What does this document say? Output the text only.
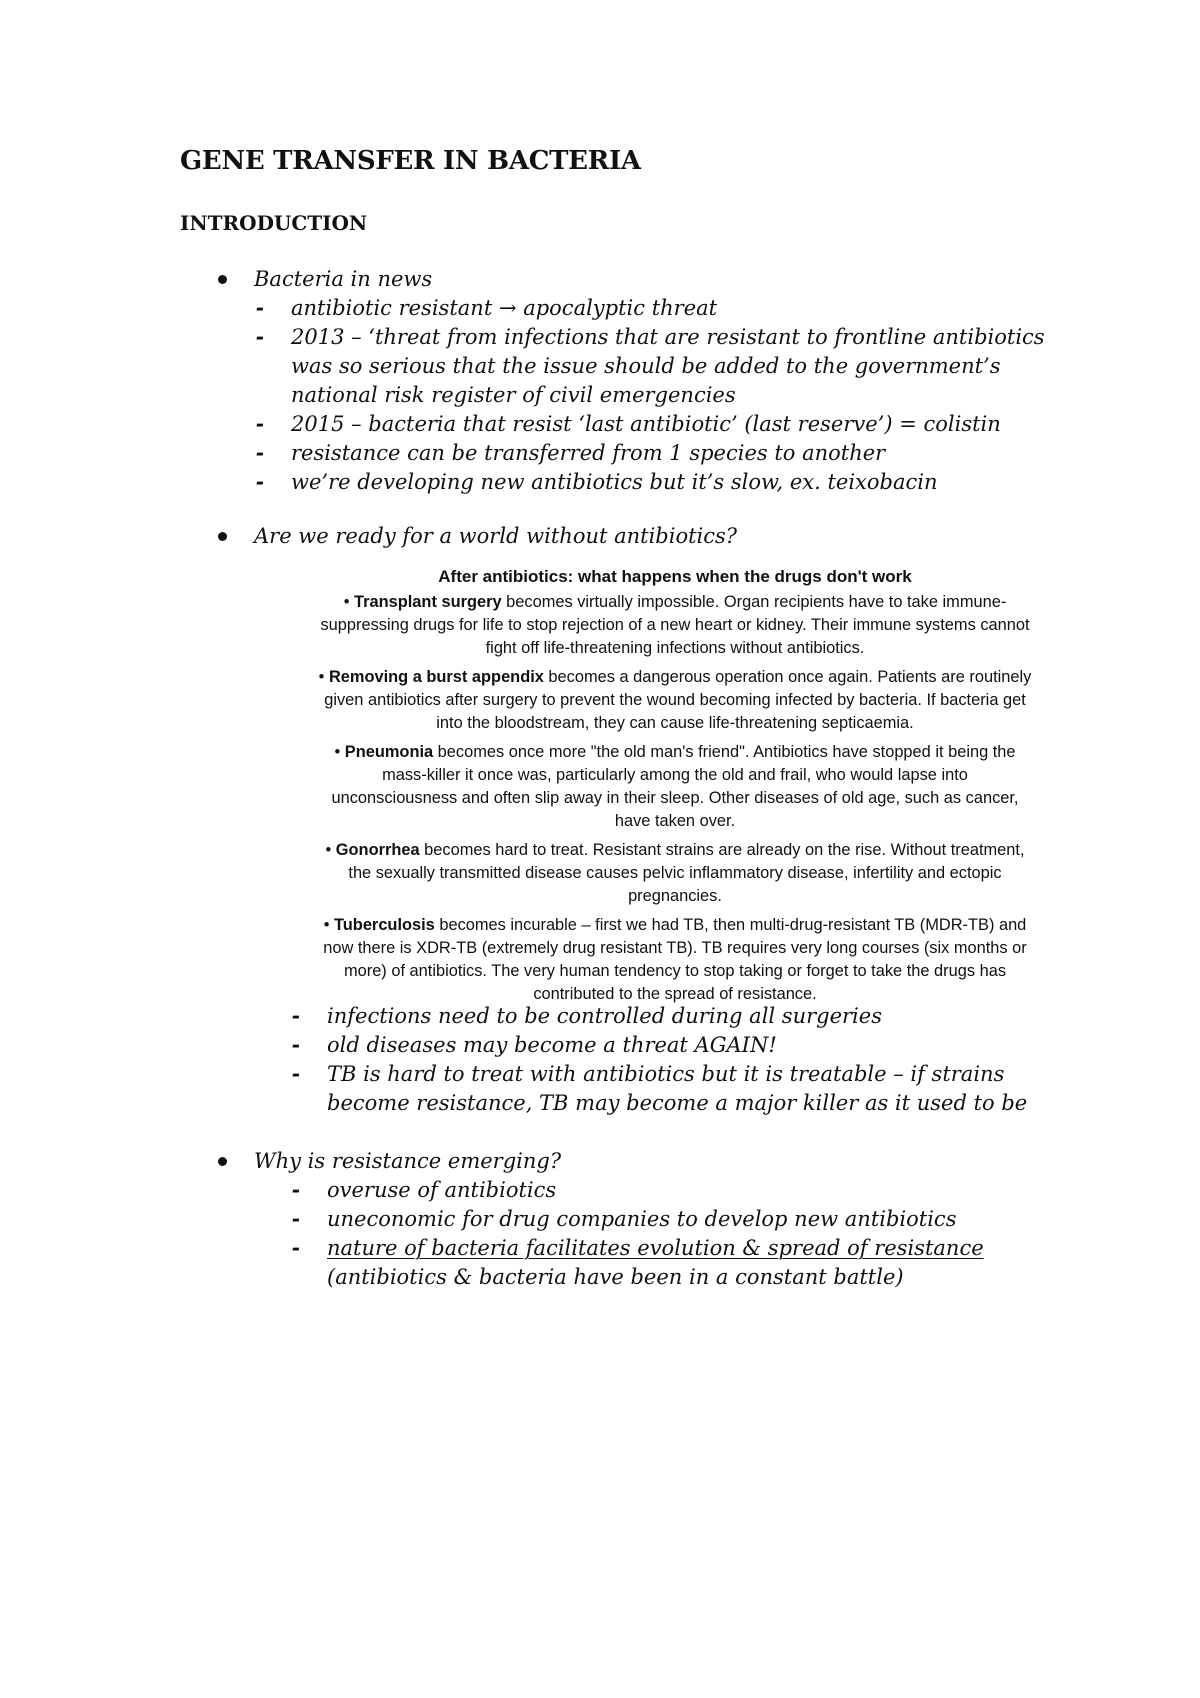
GENE TRANSFER IN BACTERIA
INTRODUCTION
Bacteria in news
- antibiotic resistant → apocalyptic threat
- 2013 – ‘threat from infections that are resistant to frontline antibiotics
was so serious that the issue should be added to the government’s
national risk register of civil emergencies
- 2015 – bacteria that resist ‘last antibiotic’ (last reserve’) = colistin
- resistance can be transferred from 1 species to another
- we’re developing new antibiotics but it’s slow, ex. teixobacin
Are we ready for a world without antibiotics?
After antibiotics: what happens when the drugs don't work
• Transplant surgery becomes virtually impossible. Organ recipients have to take immune-
suppressing drugs for life to stop rejection of a new heart or kidney. Their immune systems cannot
fight off life-threatening infections without antibiotics.
• Removing a burst appendix becomes a dangerous operation once again. Patients are routinely
given antibiotics after surgery to prevent the wound becoming infected by bacteria. If bacteria get
into the bloodstream, they can cause life-threatening septicaemia.
• Pneumonia becomes once more "the old man's friend". Antibiotics have stopped it being the
mass-killer it once was, particularly among the old and frail, who would lapse into
unconsciousness and often slip away in their sleep. Other diseases of old age, such as cancer,
have taken over.
• Gonorrhea becomes hard to treat. Resistant strains are already on the rise. Without treatment,
the sexually transmitted disease causes pelvic inflammatory disease, infertility and ectopic
pregnancies.
• Tuberculosis becomes incurable – first we had TB, then multi-drug-resistant TB (MDR-TB) and
now there is XDR-TB (extremely drug resistant TB). TB requires very long courses (six months or
more) of antibiotics. The very human tendency to stop taking or forget to take the drugs has
contributed to the spread of resistance.
- infections need to be controlled during all surgeries
- old diseases may become a threat AGAIN!
- TB is hard to treat with antibiotics but it is treatable – if strains
become resistance, TB may become a major killer as it used to be
Why is resistance emerging?
- overuse of antibiotics
- uneconomic for drug companies to develop new antibiotics
- nature of bacteria facilitates evolution & spread of resistance
(antibiotics & bacteria have been in a constant battle)
